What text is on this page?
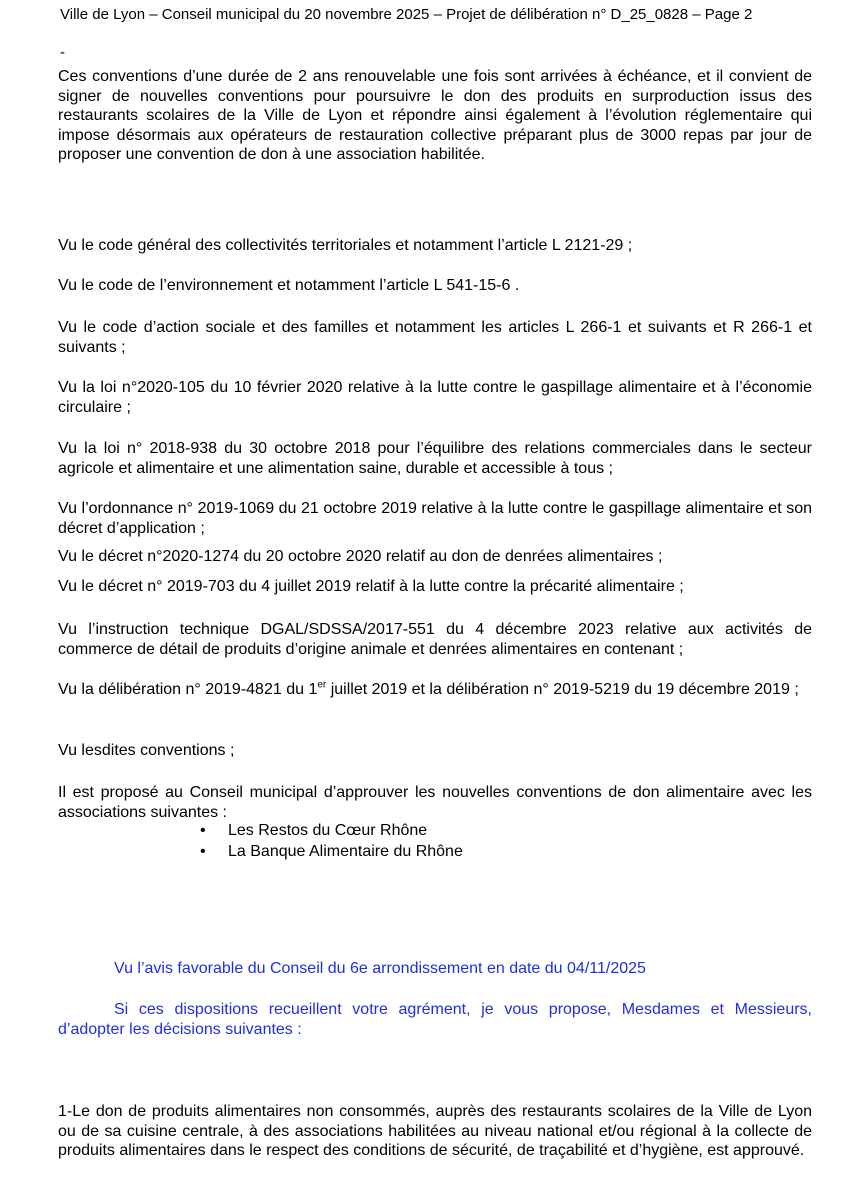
Ville de Lyon – Conseil municipal du 20 novembre 2025 – Projet de délibération n° D_25_0828 – Page 2
-
Ces conventions d’une durée de 2 ans renouvelable une fois sont arrivées à échéance, et il convient de signer de nouvelles conventions pour poursuivre le don des produits en surproduction issus des restaurants scolaires de la Ville de Lyon et répondre ainsi également à l’évolution réglementaire qui impose désormais aux opérateurs de restauration collective préparant plus de 3000 repas par jour de proposer une convention de don à une association habilitée.
Vu le code général des collectivités territoriales et notamment l’article L 2121-29 ;
Vu le code de l’environnement et notamment l’article L 541-15-6 .
Vu le code d’action sociale et des familles et notamment les articles L 266-1 et suivants et R 266-1 et suivants ;
Vu la loi n°2020-105 du 10 février 2020 relative à la lutte contre le gaspillage alimentaire et à l’économie circulaire ;
Vu la loi n° 2018-938 du 30 octobre 2018 pour l’équilibre des relations commerciales dans le secteur agricole et alimentaire et une alimentation saine, durable et accessible à tous ;
Vu l’ordonnance n° 2019-1069 du 21 octobre 2019 relative à la lutte contre le gaspillage alimentaire et son décret d’application ;
Vu le décret n°2020-1274 du 20 octobre 2020 relatif au don de denrées alimentaires ;
Vu le décret n° 2019-703 du 4 juillet 2019 relatif à la lutte contre la précarité alimentaire ;
Vu l’instruction technique DGAL/SDSSA/2017-551 du 4 décembre 2023 relative aux activités de commerce de détail de produits d’origine animale et denrées alimentaires en contenant ;
Vu la délibération n° 2019-4821 du 1er juillet 2019 et la délibération n° 2019-5219 du 19 décembre 2019 ;
Vu lesdites conventions ;
Il est proposé au Conseil municipal d’approuver les nouvelles conventions de don alimentaire avec les associations suivantes :
• Les Restos du Cœur Rhône
• La Banque Alimentaire du Rhône
Vu l’avis favorable du Conseil du 6e arrondissement en date du 04/11/2025
Si ces dispositions recueillent votre agrément, je vous propose, Mesdames et Messieurs, d’adopter les décisions suivantes :
1-Le don de produits alimentaires non consommés, auprès des restaurants scolaires de la Ville de Lyon ou de sa cuisine centrale, à des associations habilitées au niveau national et/ou régional à la collecte de produits alimentaires dans le respect des conditions de sécurité, de traçabilité et d’hygiène, est approuvé.
